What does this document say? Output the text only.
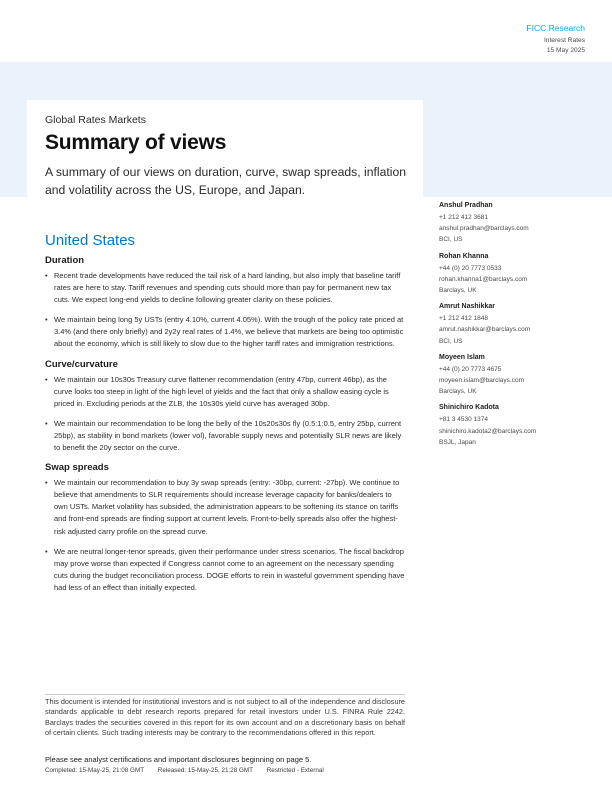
FICC Research
Interest Rates
15 May 2025
Global Rates Markets
Summary of views
A summary of our views on duration, curve, swap spreads, inflation and volatility across the US, Europe, and Japan.
United States
Duration
• Recent trade developments have reduced the tail risk of a hard landing, but also imply that baseline tariff rates are here to stay. Tariff revenues and spending cuts should more than pay for permanent new tax cuts. We expect long-end yields to decline following greater clarity on these policies.
• We maintain being long 5y USTs (entry 4.10%, current 4.05%). With the trough of the policy rate priced at 3.4% (and there only briefly) and 2y2y real rates of 1.4%, we believe that markets are being too optimistic about the economy, which is still likely to slow due to the higher tariff rates and immigration restrictions.
Curve/curvature
• We maintain our 10s30s Treasury curve flattener recommendation (entry 47bp, current 46bp), as the curve looks too steep in light of the high level of yields and the fact that only a shallow easing cycle is priced in. Excluding periods at the ZLB, the 10s30s yield curve has averaged 30bp.
• We maintain our recommendation to be long the belly of the 10s20s30s fly (0.5:1:0.5, entry 25bp, current 25bp), as stability in bond markets (lower vol), favorable supply news and potentially SLR news are likely to benefit the 20y sector on the curve.
Swap spreads
• We maintain our recommendation to buy 3y swap spreads (entry: -30bp, current: -27bp). We continue to believe that amendments to SLR requirements should increase leverage capacity for banks/dealers to own USTs. Market volatility has subsided, the administration appears to be softening its stance on tariffs and front-end spreads are finding support at current levels. Front-to-belly spreads also offer the highest-risk adjusted carry profile on the spread curve.
• We are neutral longer-tenor spreads, given their performance under stress scenarios. The fiscal backdrop may prove worse than expected if Congress cannot come to an agreement on the necessary spending cuts during the budget reconciliation process. DOGE efforts to rein in wasteful government spending have had less of an effect than initially expected.
Anshul Pradhan
+1 212 412 3681
anshul.pradhan@barclays.com
BCI, US
Rohan Khanna
+44 (0) 20 7773 0533
rohan.khanna1@barclays.com
Barclays, UK
Amrut Nashikkar
+1 212 412 1848
amrut.nashikkar@barclays.com
BCI, US
Moyeen Islam
+44 (0) 20 7773 4675
moyeen.islam@barclays.com
Barclays, UK
Shinichiro Kadota
+81 3 4530 1374
shinichiro.kadota2@barclays.com
BSJL, Japan
This document is intended for institutional investors and is not subject to all of the independence and disclosure standards applicable to debt research reports prepared for retail investors under U.S. FINRA Rule 2242. Barclays trades the securities covered in this report for its own account and on a discretionary basis on behalf of certain clients. Such trading interests may be contrary to the recommendations offered in this report.
Please see analyst certifications and important disclosures beginning on page 5.
Completed: 15-May-25, 21:08 GMT Released: 15-May-25, 21:28 GMT Restricted - External
